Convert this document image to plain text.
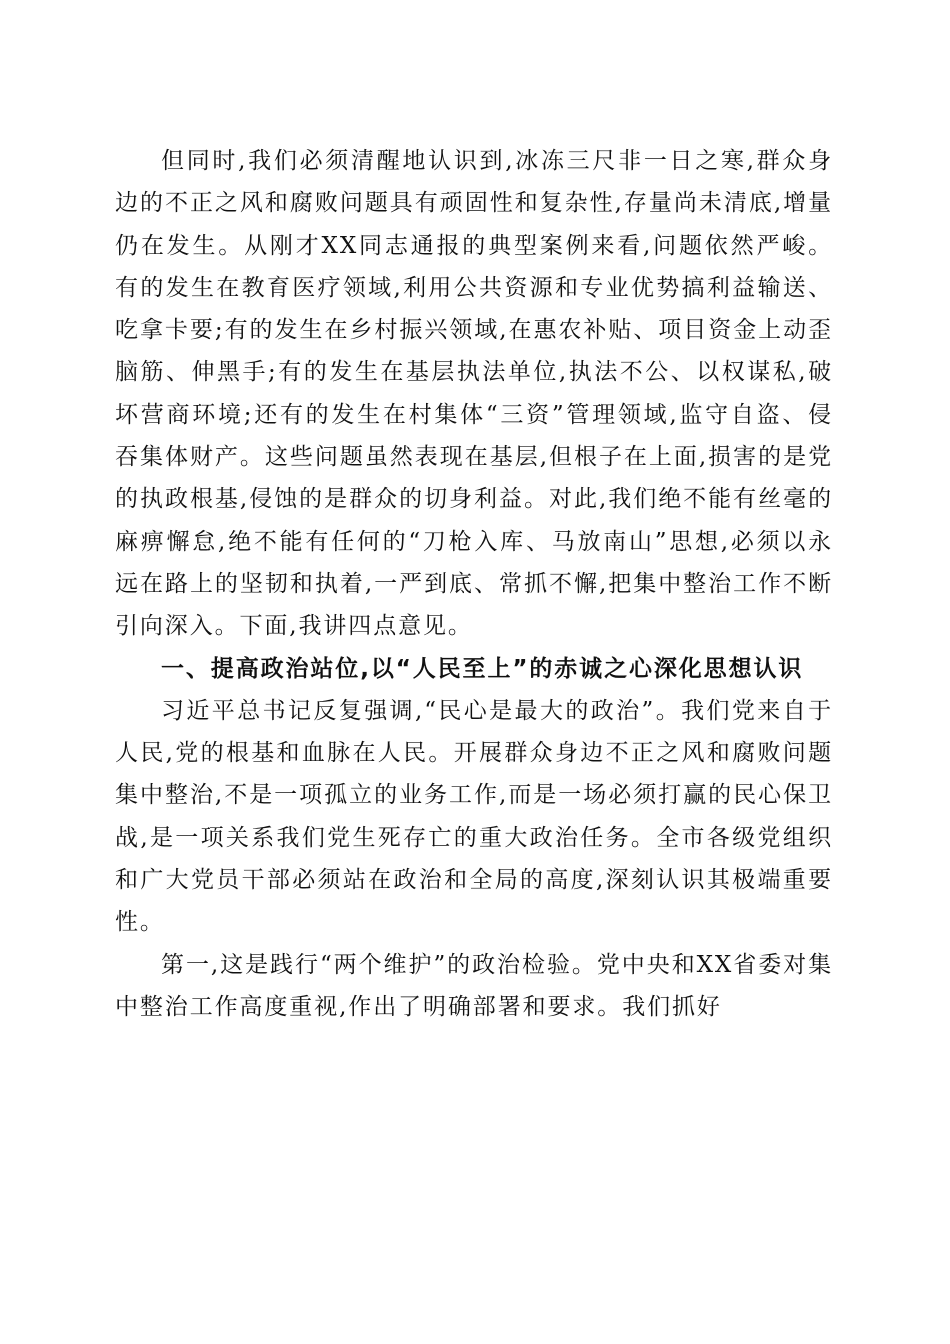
但同时,我们必须清醒地认识到,冰冻三尺非一日之寒,群众身边的不正之风和腐败问题具有顽固性和复杂性,存量尚未清底,增量仍在发生。从刚才XX同志通报的典型案例来看,问题依然严峻。有的发生在教育医疗领域,利用公共资源和专业优势搞利益输送、吃拿卡要;有的发生在乡村振兴领域,在惠农补贴、项目资金上动歪脑筋、伸黑手;有的发生在基层执法单位,执法不公、以权谋私,破坏营商环境;还有的发生在村集体“三资”管理领域,监守自盗、侵吞集体财产。这些问题虽然表现在基层,但根子在上面,损害的是党的执政根基,侵蚀的是群众的切身利益。对此,我们绝不能有丝毫的麻痹懈怠,绝不能有任何的“刀枪入库、马放南山”思想,必须以永远在路上的坚韧和执着,一严到底、常抓不懈,把集中整治工作不断引向深入。下面,我讲四点意见。

一、提高政治站位,以“人民至上”的赤诚之心深化思想认识

习近平总书记反复强调,“民心是最大的政治”。我们党来自于人民,党的根基和血脉在人民。开展群众身边不正之风和腐败问题集中整治,不是一项孤立的业务工作,而是一场必须打赢的民心保卫战,是一项关系我们党生死存亡的重大政治任务。全市各级党组织和广大党员干部必须站在政治和全局的高度,深刻认识其极端重要性。

第一,这是践行“两个维护”的政治检验。党中央和XX省委对集中整治工作高度重视,作出了明确部署和要求。我们抓好
